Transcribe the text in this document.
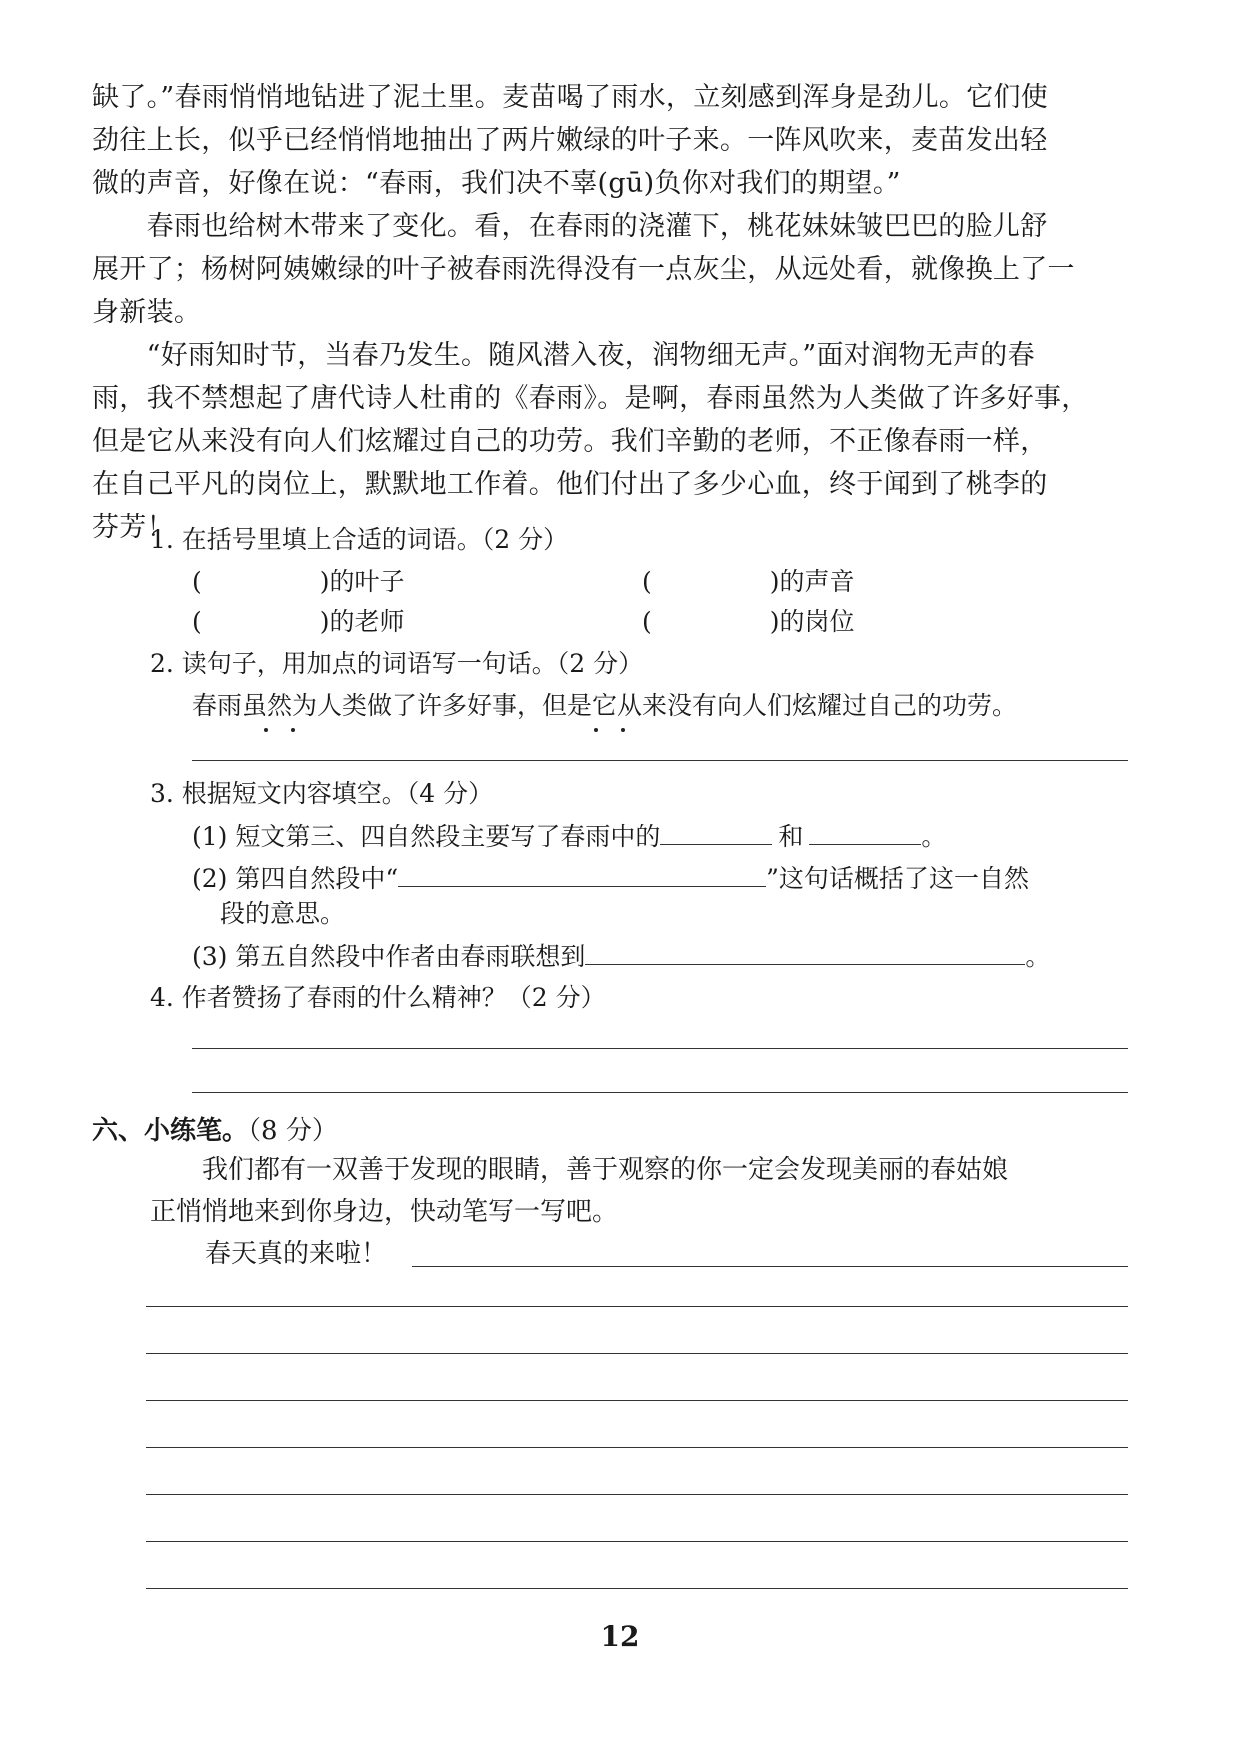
缺了。”春雨悄悄地钻进了泥土里。麦苗喝了雨水，立刻感到浑身是劲儿。它们使
劲往上长，似乎已经悄悄地抽出了两片嫩绿的叶子来。一阵风吹来，麦苗发出轻
微的声音，好像在说：“春雨，我们决不辜(gū)负你对我们的期望。”
　　春雨也给树木带来了变化。看，在春雨的浇灌下，桃花妹妹皱巴巴的脸儿舒
展开了；杨树阿姨嫩绿的叶子被春雨洗得没有一点灰尘，从远处看，就像换上了一
身新装。
　　“好雨知时节，当春乃发生。随风潜入夜，润物细无声。”面对润物无声的春
雨，我不禁想起了唐代诗人杜甫的《春雨》。是啊，春雨虽然为人类做了许多好事，
但是它从来没有向人们炫耀过自己的功劳。我们辛勤的老师，不正像春雨一样，
在自己平凡的岗位上，默默地工作着。他们付出了多少心血，终于闻到了桃李的
芬芳！
1. 在括号里填上合适的词语。（2 分）
(	)的叶子	(	)的声音
(	)的老师	(	)的岗位
2. 读句子，用加点的词语写一句话。（2 分）
春雨虽然为人类做了许多好事，但是它从来没有向人们炫耀过自己的功劳。
3. 根据短文内容填空。（4 分）
(1) 短文第三、四自然段主要写了春雨中的	和	。
(2) 第四自然段中“	”这句话概括了这一自然
段的意思。
(3) 第五自然段中作者由春雨联想到	。
4. 作者赞扬了春雨的什么精神？（2 分）
六、小练笔。（8 分）
　　我们都有一双善于发现的眼睛，善于观察的你一定会发现美丽的春姑娘
正悄悄地来到你身边，快动笔写一写吧。
春天真的来啦！
12
